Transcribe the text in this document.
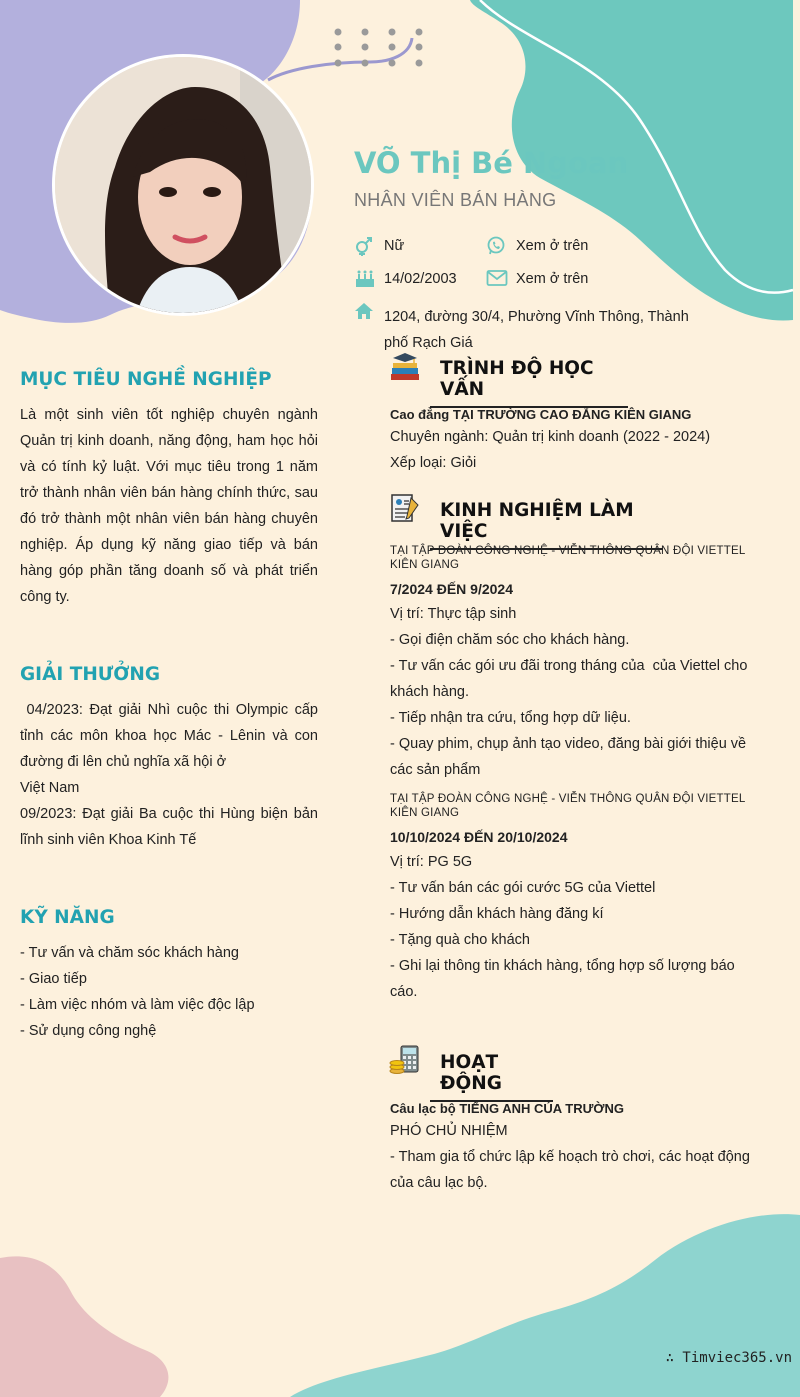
VÕ Thị Bé Ngoan
NHÂN VIÊN BÁN HÀNG
Nữ	Xem ở trên
14/02/2003	Xem ở trên
1204, đường 30/4, Phường Vĩnh Thông, Thành
phố Rạch Giá
MỤC TIÊU NGHỀ NGHIỆP
Là một sinh viên tốt nghiệp chuyên ngành
Quản trị kinh doanh, năng động, ham học hỏi
và có tính kỷ luật. Với mục tiêu trong 1 năm
trở thành nhân viên bán hàng chính thức, sau
đó trở thành một nhân viên bán hàng chuyên
nghiệp. Áp dụng kỹ năng giao tiếp và bán
hàng góp phần tăng doanh số và phát triển
công ty.
GIẢI THƯỞNG
04/2023: Đạt giải Nhì cuộc thi Olympic cấp
tỉnh các môn khoa học Mác - Lênin và con
đường đi lên chủ nghĩa xã hội ở
Việt Nam
09/2023: Đạt giải Ba cuộc thi Hùng biện bản
lĩnh sinh viên Khoa Kinh Tế
KỸ NĂNG
- Tư vấn và chăm sóc khách hàng
- Giao tiếp
- Làm việc nhóm và làm việc độc lập
- Sử dụng công nghệ
TRÌNH ĐỘ HỌC VẤN
Cao đẳng TẠI TRƯỜNG CAO ĐẲNG KIÊN GIANG
Chuyên ngành: Quản trị kinh doanh (2022 - 2024)
Xếp loại: Giỏi
KINH NGHIỆM LÀM VIỆC
TẠI TẬP ĐOÀN CÔNG NGHỆ - VIỄN THÔNG QUÂN ĐỘI VIETTEL
KIÊN GIANG
7/2024 ĐẾN 9/2024
Vị trí: Thực tập sinh
- Gọi điện chăm sóc cho khách hàng.
- Tư vấn các gói ưu đãi trong tháng của  của Viettel cho
khách hàng.
- Tiếp nhận tra cứu, tổng hợp dữ liệu.
- Quay phim, chụp ảnh tạo video, đăng bài giới thiệu về
các sản phẩm
TẠI TẬP ĐOÀN CÔNG NGHỆ - VIỄN THÔNG QUÂN ĐỘI VIETTEL
KIÊN GIANG
10/10/2024 ĐẾN 20/10/2024
Vị trí: PG 5G
- Tư vấn bán các gói cước 5G của Viettel
- Hướng dẫn khách hàng đăng kí
- Tặng quà cho khách
- Ghi lại thông tin khách hàng, tổng hợp số lượng báo
cáo.
HOẠT ĐỘNG
Câu lạc bộ TIẾNG ANH CỦA TRƯỜNG
PHÓ CHỦ NHIỆM
- Tham gia tổ chức lập kế hoạch trò chơi, các hoạt động
của câu lạc bộ.
∴ Timviec365.vn
